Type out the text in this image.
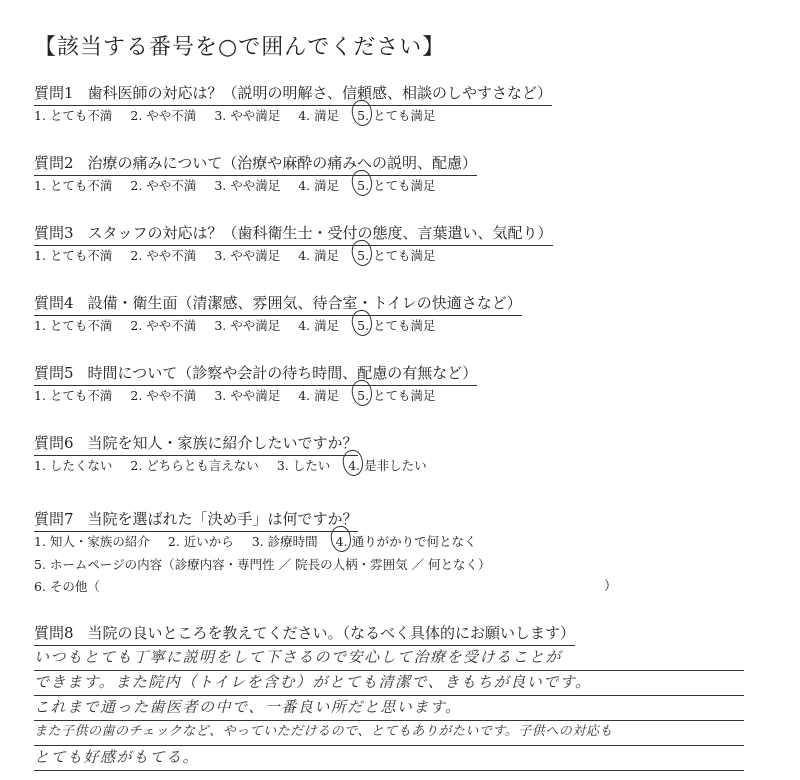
【該当する番号を○で囲んでください】
質問1 歯科医師の対応は？（説明の明解さ、信頼感、相談のしやすさなど）
1. とても不満 2. やや不満 3. やや満足 4. 満足 5. とても満足
質問2 治療の痛みについて（治療や麻酔の痛みへの説明、配慮）
1. とても不満 2. やや不満 3. やや満足 4. 満足 5. とても満足
質問3 スタッフの対応は？（歯科衛生士・受付の態度、言葉遣い、気配り）
1. とても不満 2. やや不満 3. やや満足 4. 満足 5. とても満足
質問4 設備・衛生面（清潔感、雰囲気、待合室・トイレの快適さなど）
1. とても不満 2. やや不満 3. やや満足 4. 満足 5. とても満足
質問5 時間について（診察や会計の待ち時間、配慮の有無など）
1. とても不満 2. やや不満 3. やや満足 4. 満足 5. とても満足
質問6 当院を知人・家族に紹介したいですか？
1. したくない 2. どちらとも言えない 3. したい 4. 是非したい
質問7 当院を選ばれた「決め手」は何ですか？
1. 知人・家族の紹介 2. 近いから 3. 診療時間 4. 通りがかりで何となく
5. ホームページの内容（診療内容・専門性 ／ 院長の人柄・雰囲気 ／ 何となく）
6. その他（	）
質問8 当院の良いところを教えてください。（なるべく具体的にお願いします）
いつもとても丁寧に説明をして下さるので安心して治療を受けることが
できます。また院内（トイレを含む）がとても清潔で、きもちが良いです。
これまで通った歯医者の中で、一番良い所だと思います。
また子供の歯のチェックなど、やっていただけるので、とてもありがたいです。子供への対応も
とても好感がもてる。
